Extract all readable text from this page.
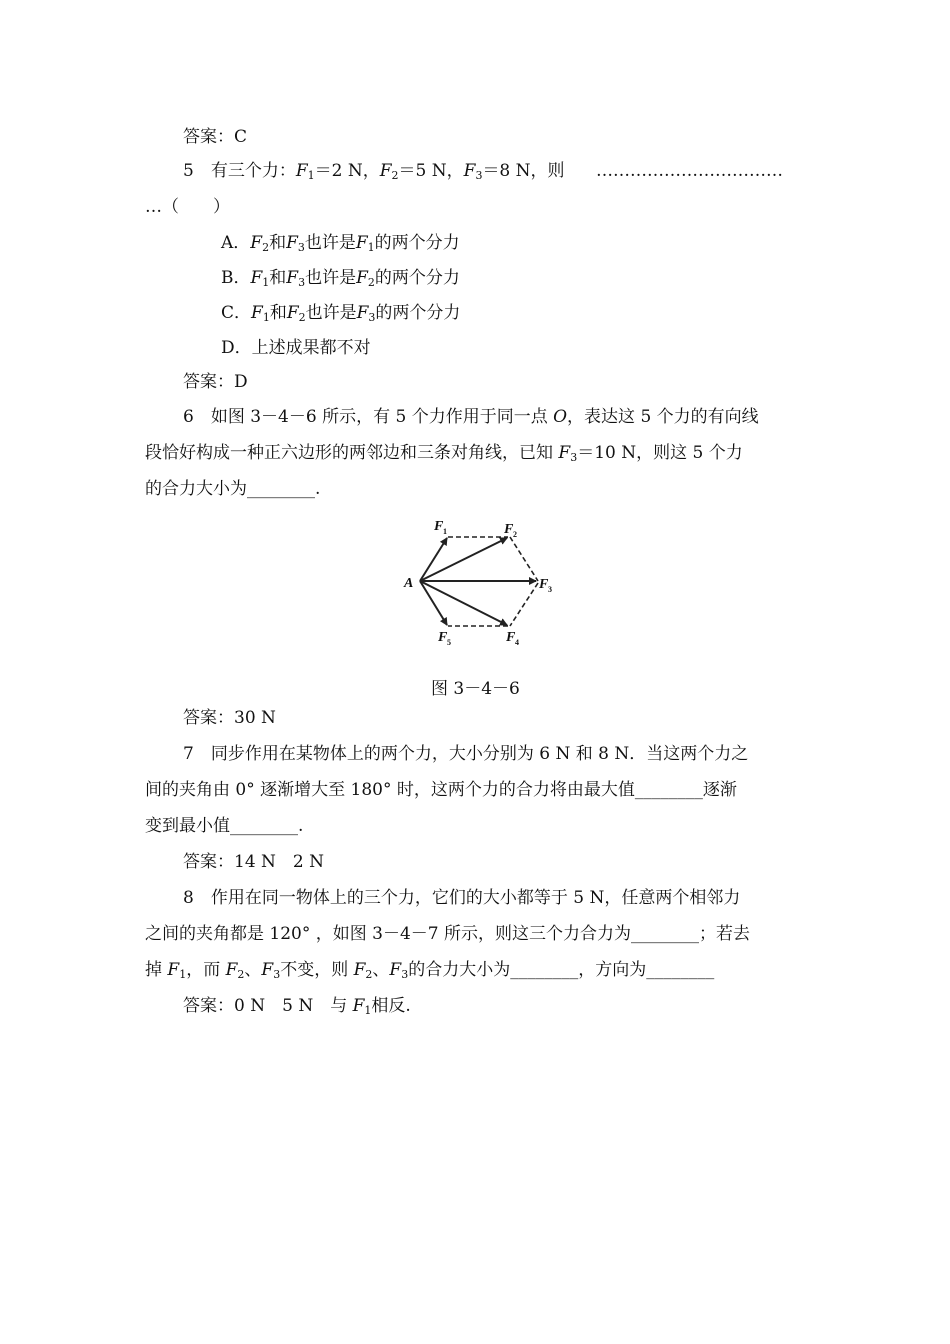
答案：C
5　有三个力：$F_1=2$ N，$F_2=5$ N，$F_3=8$ N，则 ……………………………
…（　　）
A．$F_2$和$F_3$也许是$F_1$的两个分力
B．$F_1$和$F_3$也许是$F_2$的两个分力
C．$F_1$和$F_2$也许是$F_3$的两个分力
D．上述成果都不对
答案：D
6　如图 3－4－6 所示，有 5 个力作用于同一点 O，表达这 5 个力的有向线
段恰好构成一种正六边形的两邻边和三条对角线，已知 $F_3=10$ N，则这 5 个力
的合力大小为________.
A
F 1	F 2
F 3
F 4
F 5
图 3－4－6
答案：30 N
7　同步作用在某物体上的两个力，大小分别为 6 N 和 8 N．当这两个力之
间的夹角由 0° 逐渐增大至 180° 时，这两个力的合力将由最大值________逐渐
变到最小值________.
答案：14 N　2 N
8　作用在同一物体上的三个力，它们的大小都等于 5 N，任意两个相邻力
之间的夹角都是 120° ，如图 3－4－7 所示，则这三个力合力为________；若去
掉 $F_1$，而 $F_2$、$F_3$不变，则 $F_2$、$F_3$的合力大小为________，方向为________
答案：0 N　5 N　与 $F_1$相反.
